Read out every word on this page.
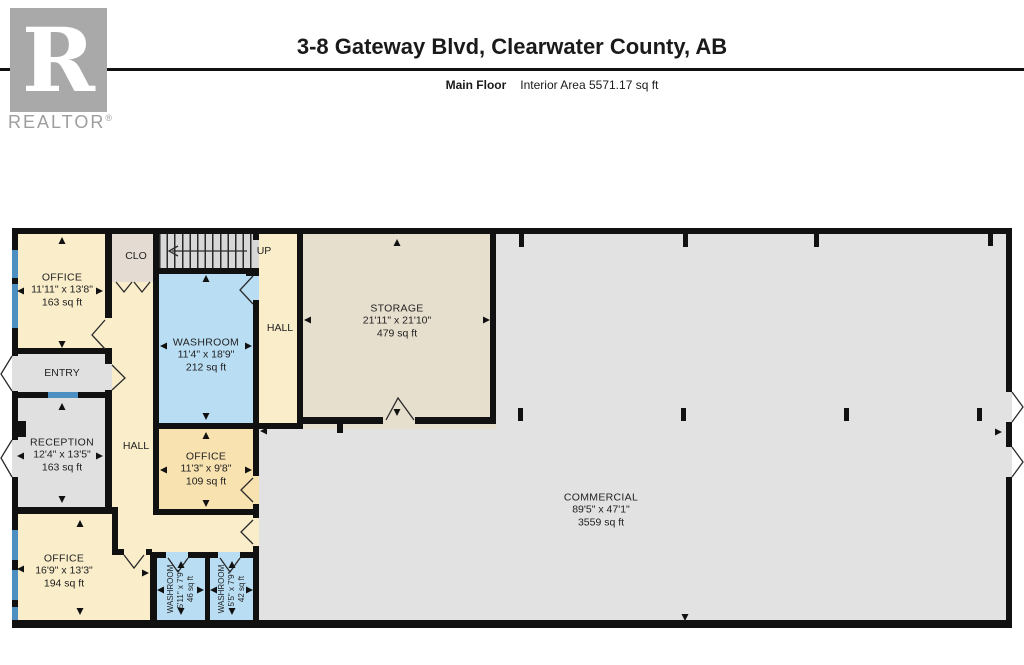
R
REALTOR®
3-8 Gateway Blvd, Clearwater County, AB
Main Floor Interior Area 5571.17 sq ft
OFFICE
11'11" x 13'8"
163 sq ft
CLO	UP
WASHROOM
11'4" x 18'9"
212 sq ft
HALL
HALL
ENTRY
RECEPTION
12'4" x 13'5"
163 sq ft
OFFICE
11'3" x 9'8"
109 sq ft
STORAGE
21'11" x 21'10"
479 sq ft
COMMERCIAL
89'5" x 47'1"
3559 sq ft
OFFICE
16'9" x 13'3"
194 sq ft	WASHROOM 5'11" x 7'9" 46 sq ft	WASHROOM 5'5" x 7'9" 42 sq ft
